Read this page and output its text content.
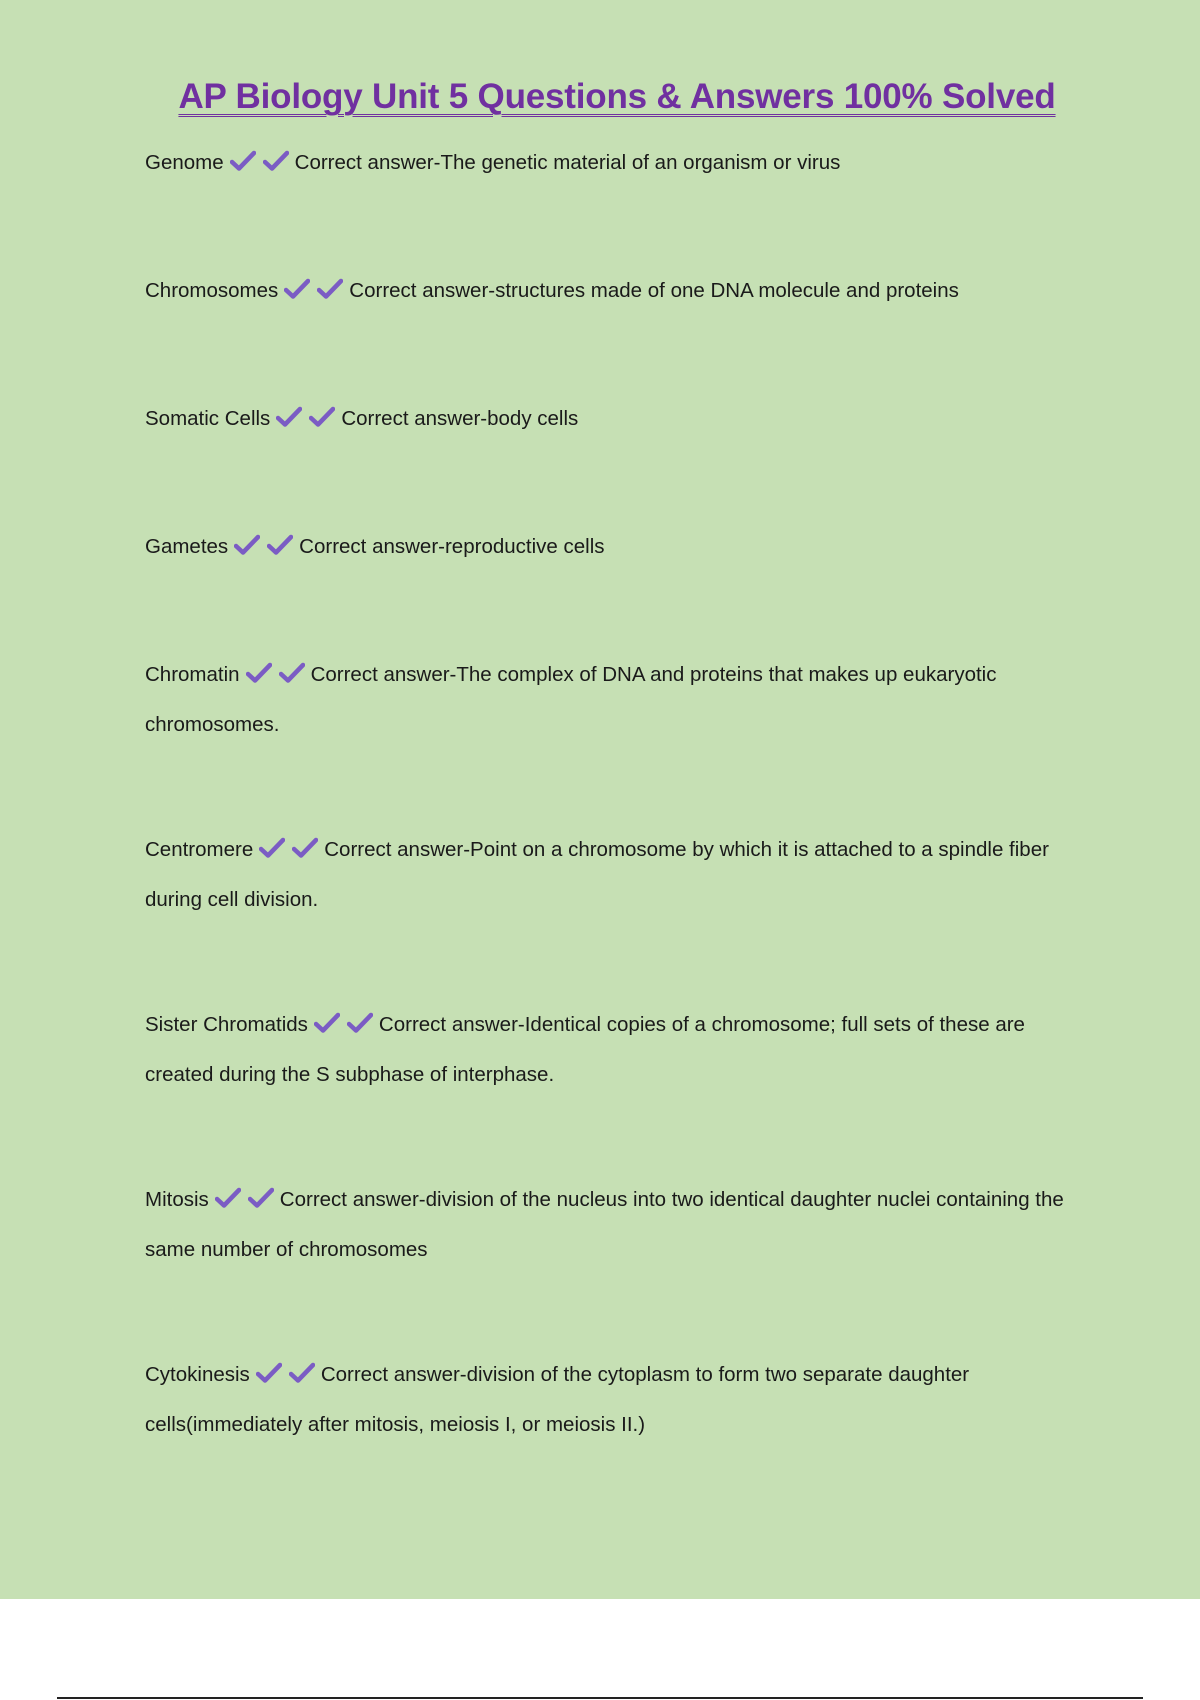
AP Biology Unit 5 Questions & Answers 100% Solved
Genome	Correct answer-The genetic material of an organism or virus
Chromosomes	Correct answer-structures made of one DNA molecule and proteins
Somatic Cells	Correct answer-body cells
Gametes	Correct answer-reproductive cells
Chromatin	Correct answer-The complex of DNA and proteins that makes up eukaryotic chromosomes.
Centromere	Correct answer-Point on a chromosome by which it is attached to a spindle fiber during cell division.
Sister Chromatids	Correct answer-Identical copies of a chromosome; full sets of these are created during the S subphase of interphase.
Mitosis	Correct answer-division of the nucleus into two identical daughter nuclei containing the same number of chromosomes
Cytokinesis	Correct answer-division of the cytoplasm to form two separate daughter cells(immediately after mitosis, meiosis I, or meiosis II.)
